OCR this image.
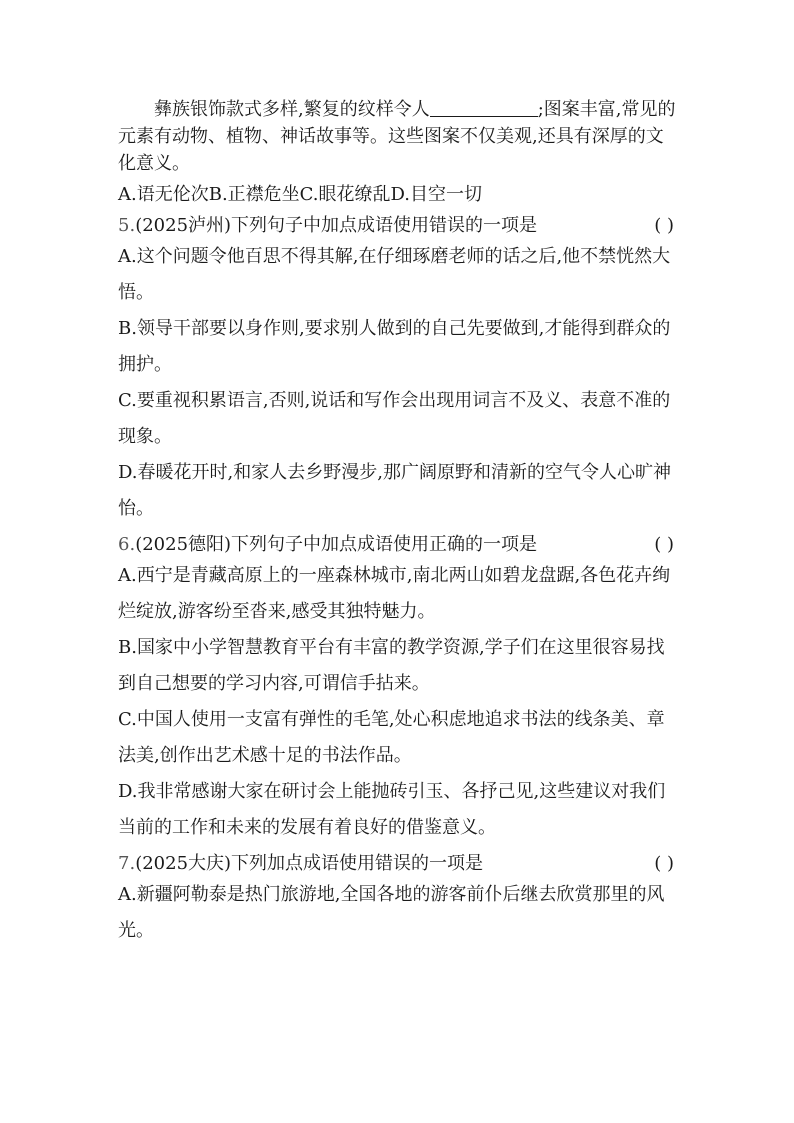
彝族银饰款式多样,繁复的纹样令人	;图案丰富,常见的元素有动物、植物、神话故事等。这些图案不仅美观,还具有深厚的文化意义。

A.语无伦次B.正襟危坐C.眼花缭乱D.目空一切

5.(2025泸州)下列句子中加点成语使用错误的一项是	( )

A.这个问题令他百思不得其解,在仔细琢磨老师的话之后,他不禁恍然大悟。

B.领导干部要以身作则,要求别人做到的自己先要做到,才能得到群众的拥护。

C.要重视积累语言,否则,说话和写作会出现用词言不及义、表意不准的现象。

D.春暖花开时,和家人去乡野漫步,那广阔原野和清新的空气令人心旷神怡。

6.(2025德阳)下列句子中加点成语使用正确的一项是	( )

A.西宁是青藏高原上的一座森林城市,南北两山如碧龙盘踞,各色花卉绚烂绽放,游客纷至沓来,感受其独特魅力。

B.国家中小学智慧教育平台有丰富的教学资源,学子们在这里很容易找到自己想要的学习内容,可谓信手拈来。

C.中国人使用一支富有弹性的毛笔,处心积虑地追求书法的线条美、章法美,创作出艺术感十足的书法作品。

D.我非常感谢大家在研讨会上能抛砖引玉、各抒己见,这些建议对我们当前的工作和未来的发展有着良好的借鉴意义。

7.(2025大庆)下列加点成语使用错误的一项是	( )

A.新疆阿勒泰是热门旅游地,全国各地的游客前仆后继去欣赏那里的风光。
